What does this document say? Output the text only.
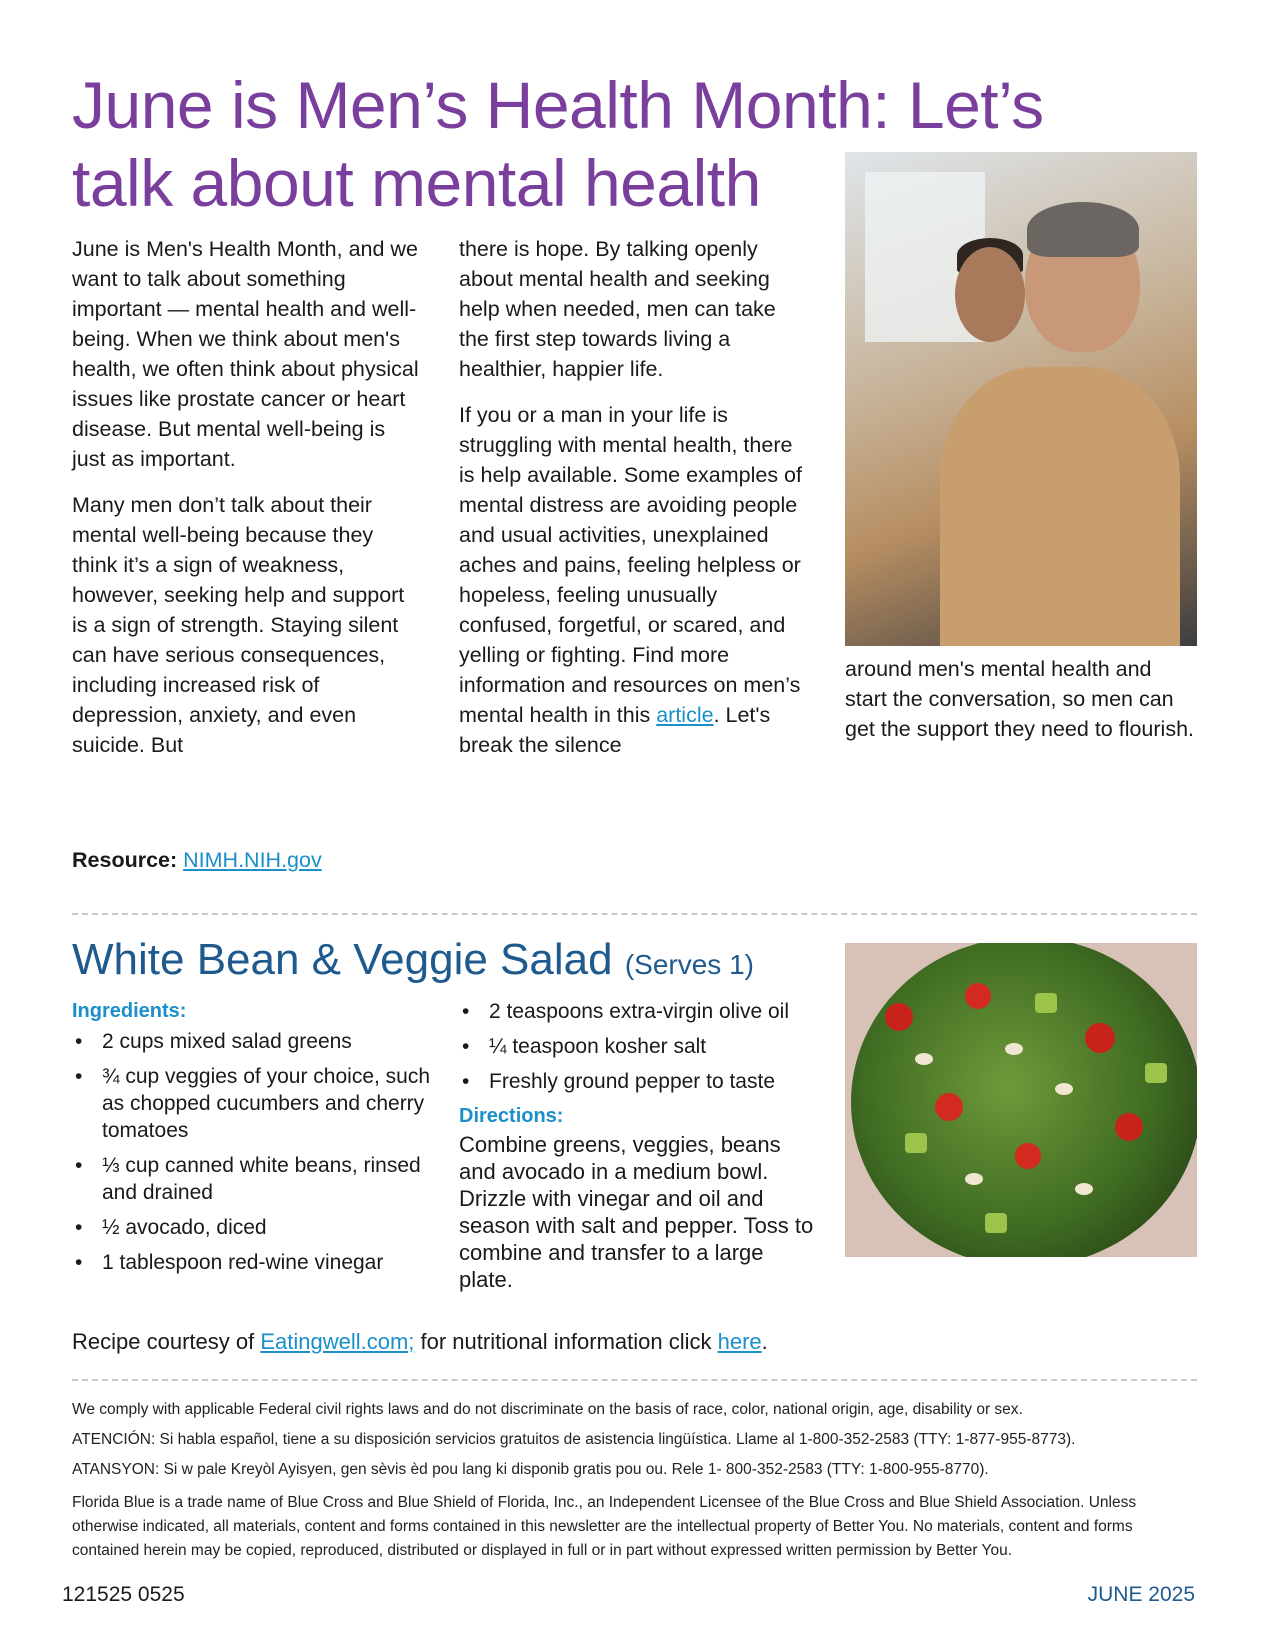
June is Men’s Health Month: Let’s
talk about mental health

June is Men's Health Month, and we want to talk about something important — mental health and well-being. When we think about men's health, we often think about physical issues like prostate cancer or heart disease. But mental well-being is just as important.

Many men don’t talk about their mental well-being because they think it’s a sign of weakness, however, seeking help and support is a sign of strength. Staying silent can have serious consequences, including increased risk of depression, anxiety, and even suicide. But

there is hope. By talking openly about mental health and seeking help when needed, men can take the first step towards living a healthier, happier life.

If you or a man in your life is struggling with mental health, there is help available. Some examples of mental distress are avoiding people and usual activities, unexplained aches and pains, feeling helpless or hopeless, feeling unusually confused, forgetful, or scared, and yelling or fighting. Find more information and resources on men’s mental health in this article. Let's break the silence

around men's mental health and start the conversation, so men can get the support they need to flourish.

Resource: NIMH.NIH.gov

White Bean & Veggie Salad (Serves 1)

Ingredients:

• 2 cups mixed salad greens
• ¾ cup veggies of your choice, such as chopped cucumbers and cherry tomatoes
• ⅓ cup canned white beans, rinsed and drained
• ½ avocado, diced
• 1 tablespoon red-wine vinegar
• 2 teaspoons extra-virgin olive oil
• ¼ teaspoon kosher salt
• Freshly ground pepper to taste

Directions:

Combine greens, veggies, beans and avocado in a medium bowl. Drizzle with vinegar and oil and season with salt and pepper. Toss to combine and transfer to a large plate.

Recipe courtesy of Eatingwell.com; for nutritional information click here.

We comply with applicable Federal civil rights laws and do not discriminate on the basis of race, color, national origin, age, disability or sex.

ATENCIÓN: Si habla español, tiene a su disposición servicios gratuitos de asistencia lingüística. Llame al 1-800-352-2583 (TTY: 1-877-955-8773).

ATANSYON: Si w pale Kreyòl Ayisyen, gen sèvis èd pou lang ki disponib gratis pou ou. Rele 1- 800-352-2583 (TTY: 1-800-955-8770).

Florida Blue is a trade name of Blue Cross and Blue Shield of Florida, Inc., an Independent Licensee of the Blue Cross and Blue Shield Association. Unless otherwise indicated, all materials, content and forms contained in this newsletter are the intellectual property of Better You. No materials, content and forms contained herein may be copied, reproduced, distributed or displayed in full or in part without expressed written permission by Better You.

121525 0525	JUNE 2025
